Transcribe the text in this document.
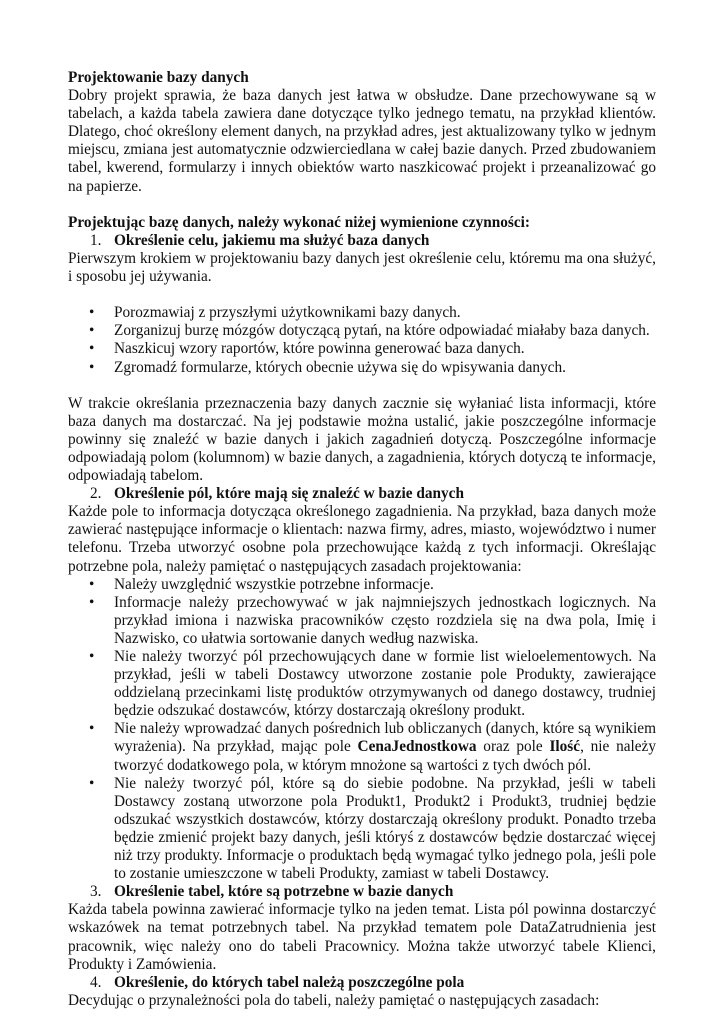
Projektowanie bazy danych

Dobry projekt sprawia, że baza danych jest łatwa w obsłudze. Dane przechowywane są w tabelach, a każda tabela zawiera dane dotyczące tylko jednego tematu, na przykład klientów. Dlatego, choć określony element danych, na przykład adres, jest aktualizowany tylko w jednym miejscu, zmiana jest automatycznie odzwierciedlana w całej bazie danych. Przed zbudowaniem tabel, kwerend, formularzy i innych obiektów warto naszkicować projekt i przeanalizować go na papierze.

Projektując bazę danych, należy wykonać niżej wymienione czynności:

1. Określenie celu, jakiemu ma służyć baza danych

Pierwszym krokiem w projektowaniu bazy danych jest określenie celu, któremu ma ona służyć, i sposobu jej używania.

• Porozmawiaj z przyszłymi użytkownikami bazy danych.
• Zorganizuj burzę mózgów dotyczącą pytań, na które odpowiadać miałaby baza danych.
• Naszkicuj wzory raportów, które powinna generować baza danych.
• Zgromadź formularze, których obecnie używa się do wpisywania danych.

W trakcie określania przeznaczenia bazy danych zacznie się wyłaniać lista informacji, które baza danych ma dostarczać. Na jej podstawie można ustalić, jakie poszczególne informacje powinny się znaleźć w bazie danych i jakich zagadnień dotyczą. Poszczególne informacje odpowiadają polom (kolumnom) w bazie danych, a zagadnienia, których dotyczą te informacje, odpowiadają tabelom.

2. Określenie pól, które mają się znaleźć w bazie danych

Każde pole to informacja dotycząca określonego zagadnienia. Na przykład, baza danych może zawierać następujące informacje o klientach: nazwa firmy, adres, miasto, województwo i numer telefonu. Trzeba utworzyć osobne pola przechowujące każdą z tych informacji. Określając potrzebne pola, należy pamiętać o następujących zasadach projektowania:

• Należy uwzględnić wszystkie potrzebne informacje.
• Informacje należy przechowywać w jak najmniejszych jednostkach logicznych. Na przykład imiona i nazwiska pracowników często rozdziela się na dwa pola, Imię i Nazwisko, co ułatwia sortowanie danych według nazwiska.
• Nie należy tworzyć pól przechowujących dane w formie list wieloelementowych. Na przykład, jeśli w tabeli Dostawcy utworzone zostanie pole Produkty, zawierające oddzielaną przecinkami listę produktów otrzymywanych od danego dostawcy, trudniej będzie odszukać dostawców, którzy dostarczają określony produkt.
• Nie należy wprowadzać danych pośrednich lub obliczanych (danych, które są wynikiem wyrażenia). Na przykład, mając pole CenaJednostkowa oraz pole Ilość, nie należy tworzyć dodatkowego pola, w którym mnożone są wartości z tych dwóch pól.
• Nie należy tworzyć pól, które są do siebie podobne. Na przykład, jeśli w tabeli Dostawcy zostaną utworzone pola Produkt1, Produkt2 i Produkt3, trudniej będzie odszukać wszystkich dostawców, którzy dostarczają określony produkt. Ponadto trzeba będzie zmienić projekt bazy danych, jeśli któryś z dostawców będzie dostarczać więcej niż trzy produkty. Informacje o produktach będą wymagać tylko jednego pola, jeśli pole to zostanie umieszczone w tabeli Produkty, zamiast w tabeli Dostawcy.
3. Określenie tabel, które są potrzebne w bazie danych

Każda tabela powinna zawierać informacje tylko na jeden temat. Lista pól powinna dostarczyć wskazówek na temat potrzebnych tabel. Na przykład tematem pole DataZatrudnienia jest pracownik, więc należy ono do tabeli Pracownicy. Można także utworzyć tabele Klienci, Produkty i Zamówienia.

4. Określenie, do których tabel należą poszczególne pola

Decydując o przynależności pola do tabeli, należy pamiętać o następujących zasadach:
